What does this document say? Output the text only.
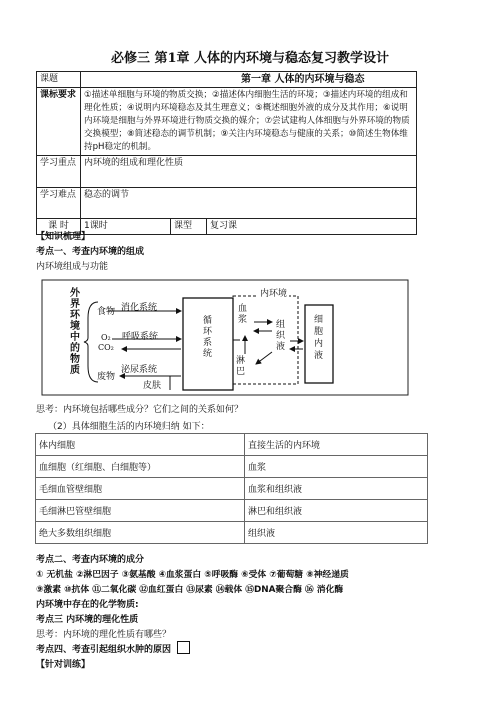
必修三 第1章 人体的内环境与稳态复习教学设计
课题	第一章 人体的内环境与稳态		
课标要求	①描述单细胞与环境的物质交换；②描述体内细胞生活的环境；③描述内环境的组成和理化性质；④说明内环境稳态及其生理意义；⑤概述细胞外液的成分及其作用；⑥说明内环境是细胞与外界环境进行物质交换的媒介；⑦尝试建构人体细胞与外界环境的物质交换模型；⑧简述稳态的调节机制；⑨关注内环境稳态与健康的关系；⑩简述生物体维持pH稳定的机制。		
学习重点	内环境的组成和理化性质		
学习难点	稳态的调节		
课 时	1课时	课型	复习课
【知识梳理】
考点一、考查内环境的组成
内环境组成与功能
外界环境中的物质
食物
O₂
CO₂
废物
消化系统
呼吸系统
泌尿系统
皮肤
循环系统
内环境
血浆
淋巴
组织液
细胞内液
思考：内环境包括哪些成分？它们之间的关系如何？
（2）具体细胞生活的内环境归纳 如下：
体内细胞	直接生活的内环境
血细胞（红细胞、白细胞等）	血浆
毛细血管壁细胞	血浆和组织液
毛细淋巴管壁细胞	淋巴和组织液
绝大多数组织细胞	组织液
考点二、考查内环境的成分
① 无机盐 ②淋巴因子 ③氨基酸 ④血浆蛋白 ⑤呼吸酶 ⑥受体 ⑦葡萄糖 ⑧神经递质
⑨激素 ⑩抗体 ⑪二氧化碳 ⑫血红蛋白 ⑬尿素 ⑭载体 ⑮DNA聚合酶 ⑯ 消化酶
内环境中存在的化学物质:
考点三 内环境的理化性质
思考：内环境的理化性质有哪些？
考点四、考查引起组织水肿的原因
【针对训练】
